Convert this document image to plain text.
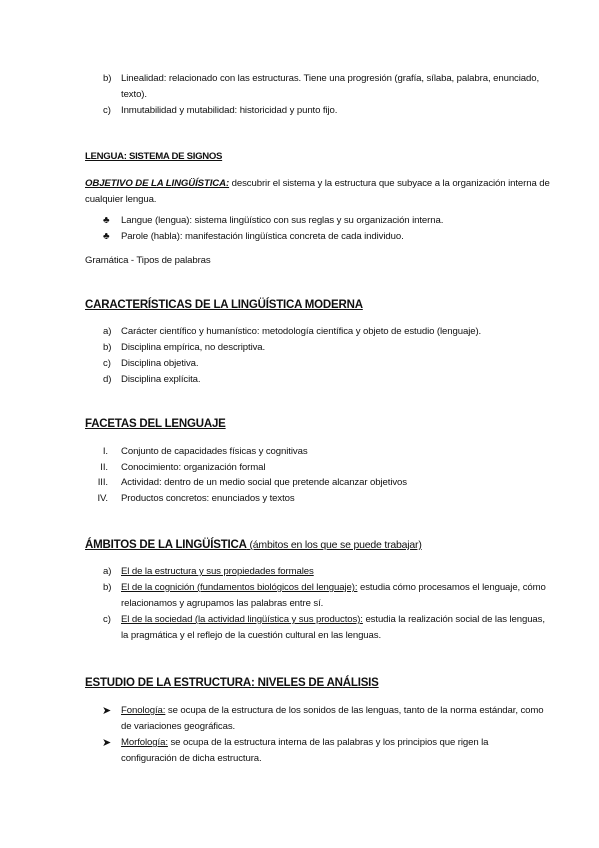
b) Linealidad: relacionado con las estructuras. Tiene una progresión (grafía, sílaba, palabra, enunciado,
texto).
c) Inmutabilidad y mutabilidad: historicidad y punto fijo.
LENGUA: SISTEMA DE SIGNOS
OBJETIVO DE LA LINGÜÍSTICA: descubrir el sistema y la estructura que subyace a la organización interna de
cualquier lengua.
♣ Langue (lengua): sistema lingüístico con sus reglas y su organización interna.
♣ Parole (habla): manifestación lingüística concreta de cada individuo.
Gramática - Tipos de palabras
CARACTERÍSTICAS DE LA LINGÜÍSTICA MODERNA
a) Carácter científico y humanístico: metodología científica y objeto de estudio (lenguaje).
b) Disciplina empírica, no descriptiva.
c) Disciplina objetiva.
d) Disciplina explícita.
FACETAS DEL LENGUAJE
I. Conjunto de capacidades físicas y cognitivas
II. Conocimiento: organización formal
III. Actividad: dentro de un medio social que pretende alcanzar objetivos
IV. Productos concretos: enunciados y textos
ÁMBITOS DE LA LINGÜÍSTICA (ámbitos en los que se puede trabajar)
a) El de la estructura y sus propiedades formales
b) El de la cognición (fundamentos biológicos del lenguaje): estudia cómo procesamos el lenguaje, cómo
relacionamos y agrupamos las palabras entre sí.
c) El de la sociedad (la actividad lingüística y sus productos): estudia la realización social de las lenguas,
la pragmática y el reflejo de la cuestión cultural en las lenguas.
ESTUDIO DE LA ESTRUCTURA: NIVELES DE ANÁLISIS
➤ Fonología: se ocupa de la estructura de los sonidos de las lenguas, tanto de la norma estándar, como
de variaciones geográficas.
➤ Morfología: se ocupa de la estructura interna de las palabras y los principios que rigen la
configuración de dicha estructura.
